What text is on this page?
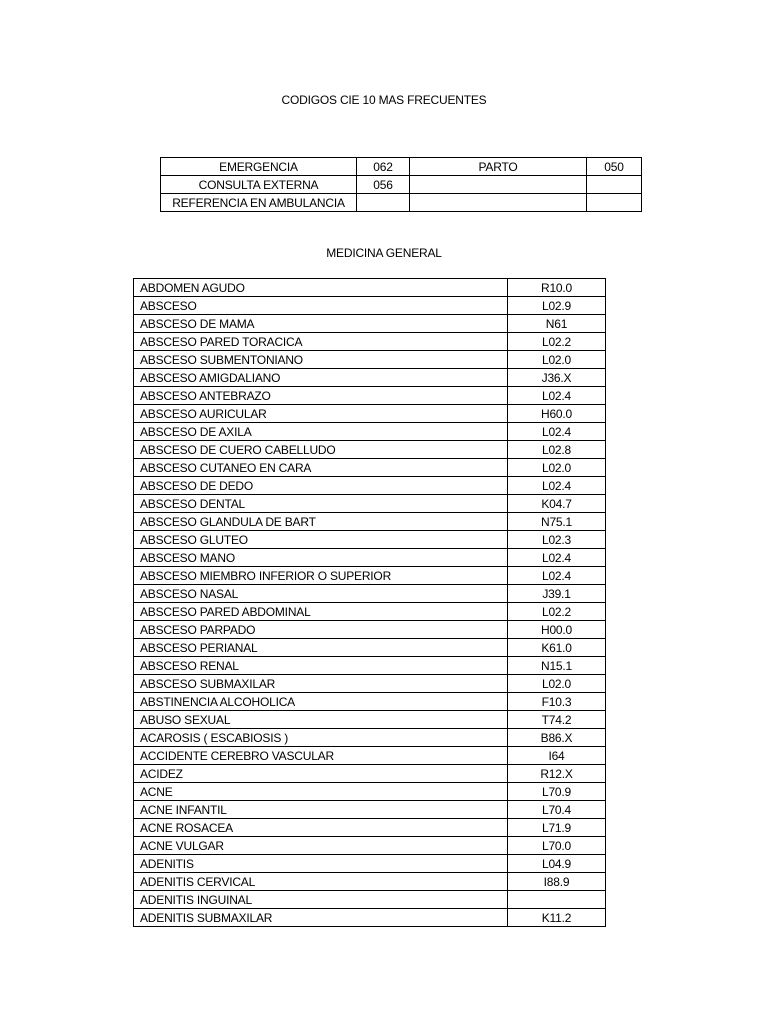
CODIGOS CIE 10 MAS FRECUENTES
EMERGENCIA	062	PARTO	050
CONSULTA EXTERNA	056		
REFERENCIA EN AMBULANCIA			
MEDICINA GENERAL
ABDOMEN AGUDO	R10.0
ABSCESO	L02.9
ABSCESO DE MAMA	N61
ABSCESO PARED TORACICA	L02.2
ABSCESO SUBMENTONIANO	L02.0
ABSCESO AMIGDALIANO	J36.X
ABSCESO ANTEBRAZO	L02.4
ABSCESO AURICULAR	H60.0
ABSCESO DE AXILA	L02.4
ABSCESO DE CUERO CABELLUDO	L02.8
ABSCESO CUTANEO EN CARA	L02.0
ABSCESO DE DEDO	L02.4
ABSCESO DENTAL	K04.7
ABSCESO GLANDULA DE BART	N75.1
ABSCESO GLUTEO	L02.3
ABSCESO MANO	L02.4
ABSCESO MIEMBRO INFERIOR O SUPERIOR	L02.4
ABSCESO NASAL	J39.1
ABSCESO PARED ABDOMINAL	L02.2
ABSCESO PARPADO	H00.0
ABSCESO PERIANAL	K61.0
ABSCESO RENAL	N15.1
ABSCESO SUBMAXILAR	L02.0
ABSTINENCIA ALCOHOLICA	F10.3
ABUSO SEXUAL	T74.2
ACAROSIS ( ESCABIOSIS )	B86.X
ACCIDENTE CEREBRO VASCULAR	I64
ACIDEZ	R12.X
ACNE	L70.9
ACNE INFANTIL	L70.4
ACNE ROSACEA	L71.9
ACNE VULGAR	L70.0
ADENITIS	L04.9
ADENITIS CERVICAL	I88.9
ADENITIS INGUINAL	
ADENITIS SUBMAXILAR	K11.2
